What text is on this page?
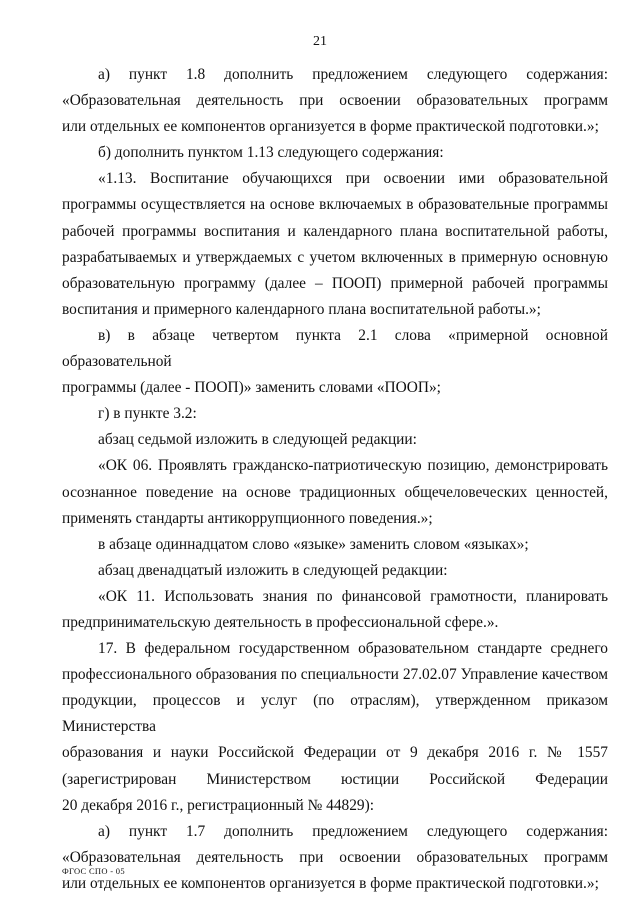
21

а) пункт 1.8 дополнить предложением следующего содержания:

«Образовательная деятельность при освоении образовательных программ

или отдельных ее компонентов организуется в форме практической подготовки.»;

б) дополнить пунктом 1.13 следующего содержания:

«1.13. Воспитание обучающихся при освоении ими образовательной

программы осуществляется на основе включаемых в образовательные программы

рабочей программы воспитания и календарного плана воспитательной работы,

разрабатываемых и утверждаемых с учетом включенных в примерную основную

образовательную программу (далее – ПООП) примерной рабочей программы

воспитания и примерного календарного плана воспитательной работы.»;

в) в абзаце четвертом пункта 2.1 слова «примерной основной образовательной

программы (далее - ПООП)» заменить словами «ПООП»;

г) в пункте 3.2:

абзац седьмой изложить в следующей редакции:

«ОК 06. Проявлять гражданско-патриотическую позицию, демонстрировать

осознанное поведение на основе традиционных общечеловеческих ценностей,

применять стандарты антикоррупционного поведения.»;

в абзаце одиннадцатом слово «языке» заменить словом «языках»;

абзац двенадцатый изложить в следующей редакции:

«ОК 11. Использовать знания по финансовой грамотности, планировать

предпринимательскую деятельность в профессиональной сфере.».

17. В федеральном государственном образовательном стандарте среднего

профессионального образования по специальности 27.02.07 Управление качеством

продукции, процессов и услуг (по отраслям), утвержденном приказом Министерства

образования и науки Российской Федерации от 9 декабря 2016 г. № 1557

(зарегистрирован Министерством юстиции Российской Федерации

20 декабря 2016 г., регистрационный № 44829):

а) пункт 1.7 дополнить предложением следующего содержания:

«Образовательная деятельность при освоении образовательных программ

или отдельных ее компонентов организуется в форме практической подготовки.»;

ФГОС СПО - 05
